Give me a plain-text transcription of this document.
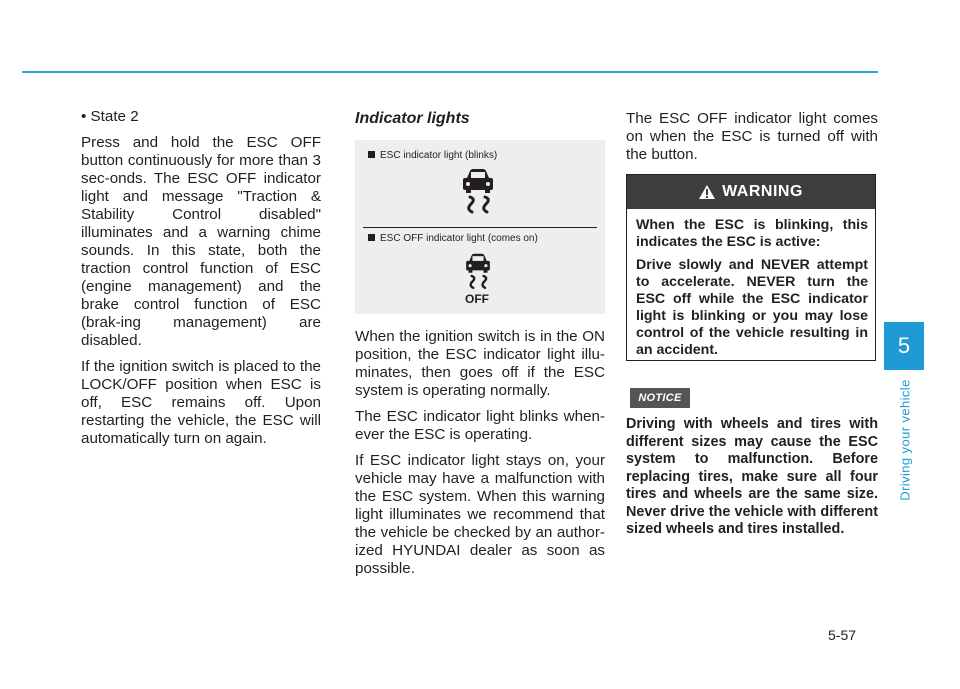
• State 2

Press and hold the ESC OFF button continuously for more than 3 sec-onds. The ESC OFF indicator light and message "Traction & Stability Control disabled" illuminates and a warning chime sounds. In this state, both the traction control function of ESC (engine management) and the brake control function of ESC (brak-ing management) are disabled.

If the ignition switch is placed to the LOCK/OFF position when ESC is off, ESC remains off. Upon restarting the vehicle, the ESC will automatically turn on again.

Indicator lights
ESC indicator light (blinks)
ESC OFF indicator light (comes on)
OFF

When the ignition switch is in the ON position, the ESC indicator light illu-minates, then goes off if the ESC system is operating normally.

The ESC indicator light blinks when-ever the ESC is operating.

If ESC indicator light stays on, your vehicle may have a malfunction with the ESC system. When this warning light illuminates we recommend that the vehicle be checked by an author-ized HYUNDAI dealer as soon as possible.

The ESC OFF indicator light comes on when the ESC is turned off with the button.
WARNING

When the ESC is blinking, this indicates the ESC is active:

Drive slowly and NEVER attempt to accelerate. NEVER turn the ESC off while the ESC indicator light is blinking or you may lose control of the vehicle resulting in an accident.

NOTICE
Driving with wheels and tires with different sizes may cause the ESC system to malfunction. Before replacing tires, make sure all four tires and wheels are the same size. Never drive the vehicle with different sized wheels and tires installed.
5
Driving your vehicle
5-57
